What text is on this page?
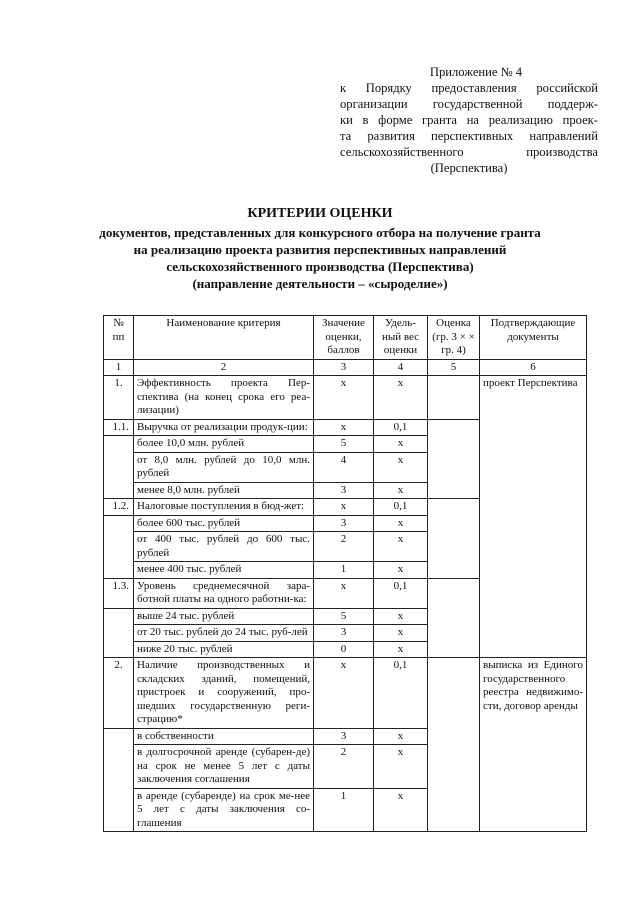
Приложение № 4
к Порядку предоставления российской
организации государственной поддерж-
ки в форме гранта на реализацию проек-
та развития перспективных направлений
сельскохозяйственного производства
(Перспектива)
КРИТЕРИИ ОЦЕНКИ
документов, представленных для конкурсного отбора на получение гранта
на реализацию проекта развития перспективных направлений
сельскохозяйственного производства (Перспектива)
(направление деятельности – «сыроделие»)
№ пп	Наименование критерия	Значение оценки, баллов	Удель-ный вес оценки	Оценка (гр. 3 × × гр. 4)	Подтверждающие документы
1	2	3	4	5	6
1.	Эффективность проекта Пер-спектива (на конец срока его реа-лизации)	x	x		проект Перспектива
1.1.	Выручка от реализации продук-ции:	x	0,1		
	более 10,0 млн. рублей	5	x		
	от 8,0 млн. рублей до 10,0 млн. рублей	4	x		
	менее 8,0 млн. рублей	3	x		
1.2.	Налоговые поступления в бюд-жет:	x	0,1		
	более 600 тыс. рублей	3	x		
	от 400 тыс. рублей до 600 тыс. рублей	2	x		
	менее 400 тыс. рублей	1	x		
1.3.	Уровень среднемесячной зара-ботной платы на одного работни-ка:	x	0,1		
	выше 24 тыс. рублей	5	x		
	от 20 тыс. рублей до 24 тыс. руб-лей	3	x		
	ниже 20 тыс. рублей	0	x		
2.	Наличие производственных и складских зданий, помещений, пристроек и сооружений, про-шедших государственную реги-страцию*	x	0,1		выписка из Единого государственного реестра недвижимо-сти, договор аренды
	в собственности	3	x		
	в долгосрочной аренде (субарен-де) на срок не менее 5 лет с даты заключения соглашения	2	x		
	в аренде (субаренде) на срок ме-нее 5 лет с даты заключения со-глашения	1	x		
